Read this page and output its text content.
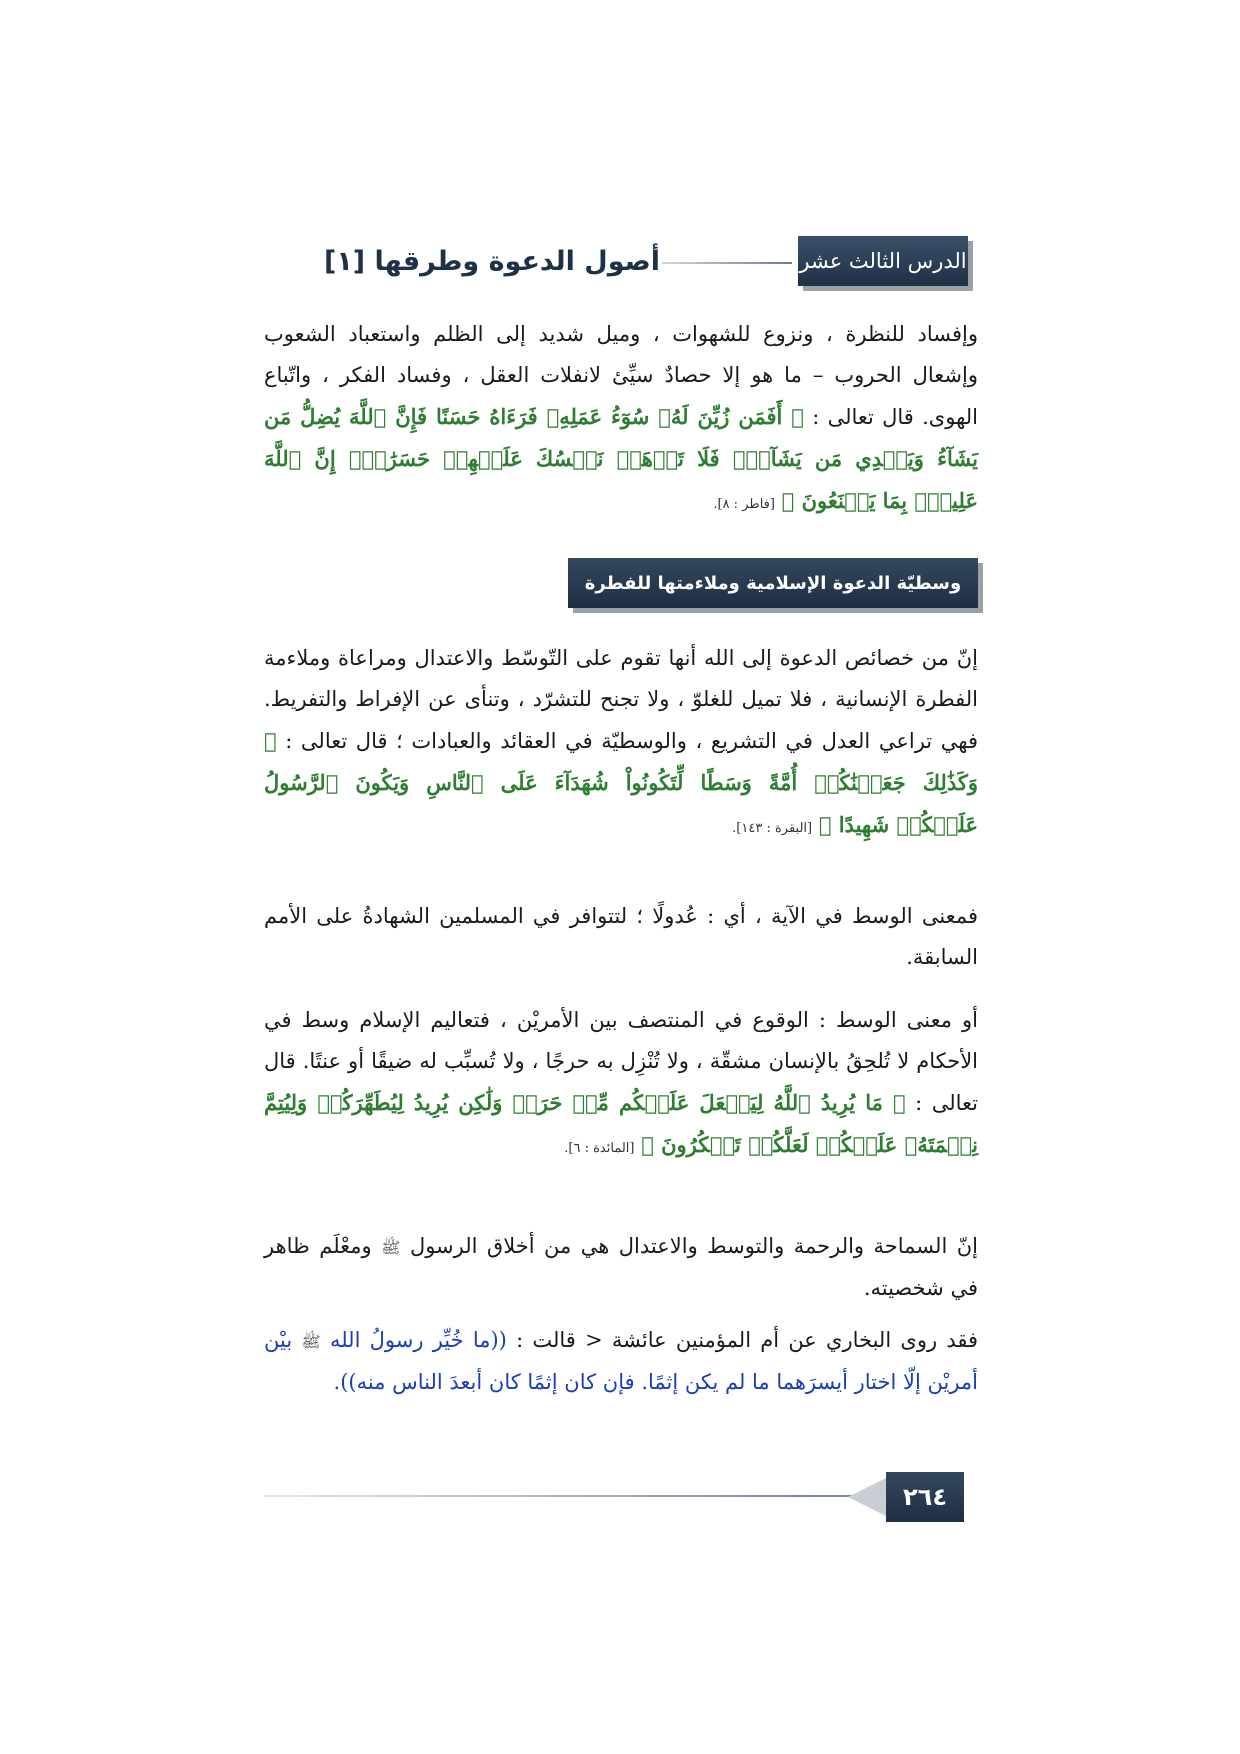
الدرس الثالث عشر
أصول الدعوة وطرقها [١]

وإفساد للنظرة ، ونزوع للشهوات ، وميل شديد إلى الظلم واستعباد الشعوب وإشعال الحروب – ما هو إلا حصادٌ سيِّئ لانفلات العقل ، وفساد الفكر ، واتّباع الهوى. قال تعالى : ﴿ أَفَمَن زُيِّنَ لَهُۥ سُوٓءُ عَمَلِهِۦ فَرَءَاهُ حَسَنًا فَإِنَّ ٱللَّهَ يُضِلُّ مَن يَشَآءُ وَيَهۡدِي مَن يَشَآءُۖ فَلَا تَذۡهَبۡ نَفۡسُكَ عَلَيۡهِمۡ حَسَرَٰتٍۚ إِنَّ ٱللَّهَ عَلِيمُۢ بِمَا يَصۡنَعُونَ ﴾ [فاطر : ٨].

وسطيّة الدعوة الإسلامية وملاءمتها للفطرة

إنّ من خصائص الدعوة إلى الله أنها تقوم على التّوسّط والاعتدال ومراعاة وملاءمة الفطرة الإنسانية ، فلا تميل للغلوّ ، ولا تجنح للتشرّد ، وتنأى عن الإفراط والتفريط. فهي تراعي العدل في التشريع ، والوسطيّة في العقائد والعبادات ؛ قال تعالى : ﴿ وَكَذَٰلِكَ جَعَلۡنَٰكُمۡ أُمَّةً وَسَطًا لِّتَكُونُواْ شُهَدَآءَ عَلَى ٱلنَّاسِ وَيَكُونَ ٱلرَّسُولُ عَلَيۡكُمۡ شَهِيدًا ﴾ [البقرة : ١٤٣].

فمعنى الوسط في الآية ، أي : عُدولًا ؛ لتتوافر في المسلمين الشهادةُ على الأمم السابقة.

أو معنى الوسط : الوقوع في المنتصف بين الأمريْن ، فتعاليم الإسلام وسط في الأحكام لا تُلحِقُ بالإنسان مشقّة ، ولا تُنْزِل به حرجًا ، ولا تُسبِّب له ضيقًا أو عنتًا. قال تعالى : ﴿ مَا يُرِيدُ ٱللَّهُ لِيَجۡعَلَ عَلَيۡكُم مِّنۡ حَرَجٖ وَلَٰكِن يُرِيدُ لِيُطَهِّرَكُمۡ وَلِيُتِمَّ نِعۡمَتَهُۥ عَلَيۡكُمۡ لَعَلَّكُمۡ تَشۡكُرُونَ ﴾ [المائدة : ٦].

إنّ السماحة والرحمة والتوسط والاعتدال هي من أخلاق الرسول ﷺ ومعْلَم ظاهر في شخصيته.

فقد روى البخاري عن أم المؤمنين عائشة < قالت : ((ما خُيِّر رسولُ الله ﷺ بيْن أمريْن إلّا اختار أيسرَهما ما لم يكن إثمًا. فإن كان إثمًا كان أبعدَ الناس منه)).

٢٦٤
